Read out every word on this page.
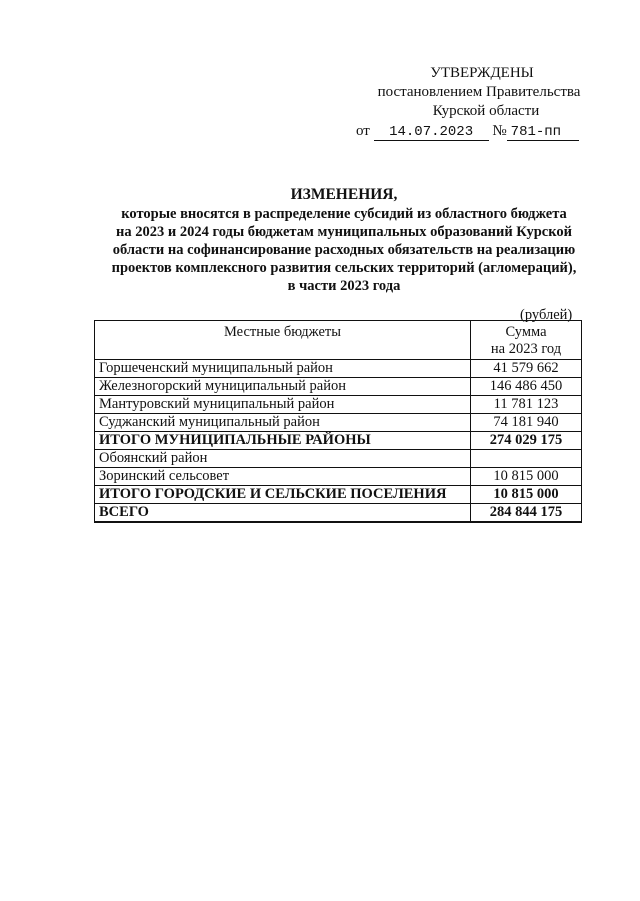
УТВЕРЖДЕНЫ
постановлением Правительства
Курской области
от 14.07.2023 № 781-пп
ИЗМЕНЕНИЯ,
которые вносятся в распределение субсидий из областного бюджета
на 2023 и 2024 годы бюджетам муниципальных образований Курской
области на софинансирование расходных обязательств на реализацию
проектов комплексного развития сельских территорий (агломераций),
в части 2023 года
(рублей)
Местные бюджеты	Сумма
на 2023 год

Горшеченский муниципальный район	41 579 662
Железногорский муниципальный район	146 486 450
Мантуровский муниципальный район	11 781 123
Суджанский муниципальный район	74 181 940
ИТОГО МУНИЦИПАЛЬНЫЕ РАЙОНЫ	274 029 175
Обоянский район	
Зоринский сельсовет	10 815 000
ИТОГО ГОРОДСКИЕ И СЕЛЬСКИЕ ПОСЕЛЕНИЯ	10 815 000
ВСЕГО	284 844 175
